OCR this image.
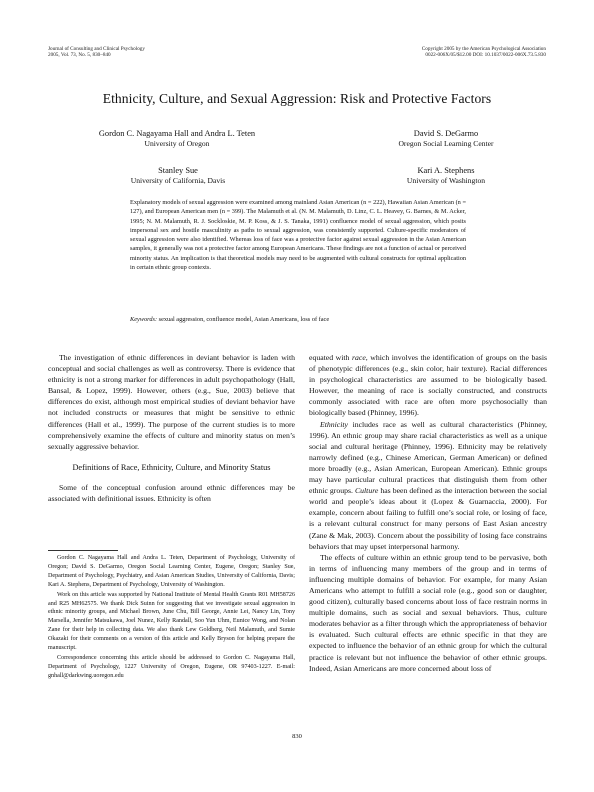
Journal of Consulting and Clinical Psychology
2005, Vol. 73, No. 5, 830–840
Copyright 2005 by the American Psychological Association
0022-006X/05/$12.00 DOI: 10.1037/0022-006X.73.5.830
Ethnicity, Culture, and Sexual Aggression: Risk and Protective Factors
Gordon C. Nagayama Hall and Andra L. Teten
University of Oregon
David S. DeGarmo
Oregon Social Learning Center
Stanley Sue
University of California, Davis
Kari A. Stephens
University of Washington
Explanatory models of sexual aggression were examined among mainland Asian American (n = 222), Hawaiian Asian American (n = 127), and European American men (n = 399). The Malamuth et al. (N. M. Malamuth, D. Linz, C. L. Heavey, G. Barnes, & M. Acker, 1995; N. M. Malamuth, R. J. Sockloskie, M. P. Koss, & J. S. Tanaka, 1991) confluence model of sexual aggression, which posits impersonal sex and hostile masculinity as paths to sexual aggression, was consistently supported. Culture-specific moderators of sexual aggression were also identified. Whereas loss of face was a protective factor against sexual aggression in the Asian American samples, it generally was not a protective factor among European Americans. These findings are not a function of actual or perceived minority status. An implication is that theoretical models may need to be augmented with cultural constructs for optimal application in certain ethnic group contexts.
Keywords: sexual aggression, confluence model, Asian Americans, loss of face

The investigation of ethnic differences in deviant behavior is laden with conceptual and social challenges as well as controversy. There is evidence that ethnicity is not a strong marker for differences in adult psychopathology (Hall, Bansal, & Lopez, 1999). However, others (e.g., Sue, 2003) believe that differences do exist, although most empirical studies of deviant behavior have not included constructs or measures that might be sensitive to ethnic differences (Hall et al., 1999). The purpose of the current studies is to more comprehensively examine the effects of culture and minority status on men’s sexually aggressive behavior.

Definitions of Race, Ethnicity, Culture, and Minority Status

Some of the conceptual confusion around ethnic differences may be associated with definitional issues. Ethnicity is often

Gordon C. Nagayama Hall and Andra L. Teten, Department of Psychology, University of Oregon; David S. DeGarmo, Oregon Social Learning Center, Eugene, Oregon; Stanley Sue, Department of Psychology, Psychiatry, and Asian American Studies, University of California, Davis; Kari A. Stephens, Department of Psychology, University of Washington.

Work on this article was supported by National Institute of Mental Health Grants R01 MH58726 and R25 MH62575. We thank Dick Suinn for suggesting that we investigate sexual aggression in ethnic minority groups, and Michael Brown, June Chu, Bill George, Annie Lei, Nancy Lin, Tony Marsella, Jennifer Matsukawa, Joel Nunez, Kelly Randall, Soo Yun Uhm, Eunice Wong, and Nolan Zane for their help in collecting data. We also thank Lew Goldberg, Neil Malamuth, and Sumie Okazaki for their comments on a version of this article and Kelly Bryson for helping prepare the manuscript.

Correspondence concerning this article should be addressed to Gordon C. Nagayama Hall, Department of Psychology, 1227 University of Oregon, Eugene, OR 97403-1227. E-mail: gnhall@darkwing.uoregon.edu

equated with race, which involves the identification of groups on the basis of phenotypic differences (e.g., skin color, hair texture). Racial differences in psychological characteristics are assumed to be biologically based. However, the meaning of race is socially constructed, and constructs commonly associated with race are often more psychosocially than biologically based (Phinney, 1996).

Ethnicity includes race as well as cultural characteristics (Phinney, 1996). An ethnic group may share racial characteristics as well as a unique social and cultural heritage (Phinney, 1996). Ethnicity may be relatively narrowly defined (e.g., Chinese American, German American) or defined more broadly (e.g., Asian American, European American). Ethnic groups may have particular cultural practices that distinguish them from other ethnic groups. Culture has been defined as the interaction between the social world and people’s ideas about it (Lopez & Guarnaccia, 2000). For example, concern about failing to fulfill one’s social role, or losing of face, is a relevant cultural construct for many persons of East Asian ancestry (Zane & Mak, 2003). Concern about the possibility of losing face constrains behaviors that may upset interpersonal harmony.

The effects of culture within an ethnic group tend to be pervasive, both in terms of influencing many members of the group and in terms of influencing multiple domains of behavior. For example, for many Asian Americans who attempt to fulfill a social role (e.g., good son or daughter, good citizen), culturally based concerns about loss of face restrain norms in multiple domains, such as social and sexual behaviors. Thus, culture moderates behavior as a filter through which the appropriateness of behavior is evaluated. Such cultural effects are ethnic specific in that they are expected to influence the behavior of an ethnic group for which the cultural practice is relevant but not influence the behavior of other ethnic groups. Indeed, Asian Americans are more concerned about loss of

830
